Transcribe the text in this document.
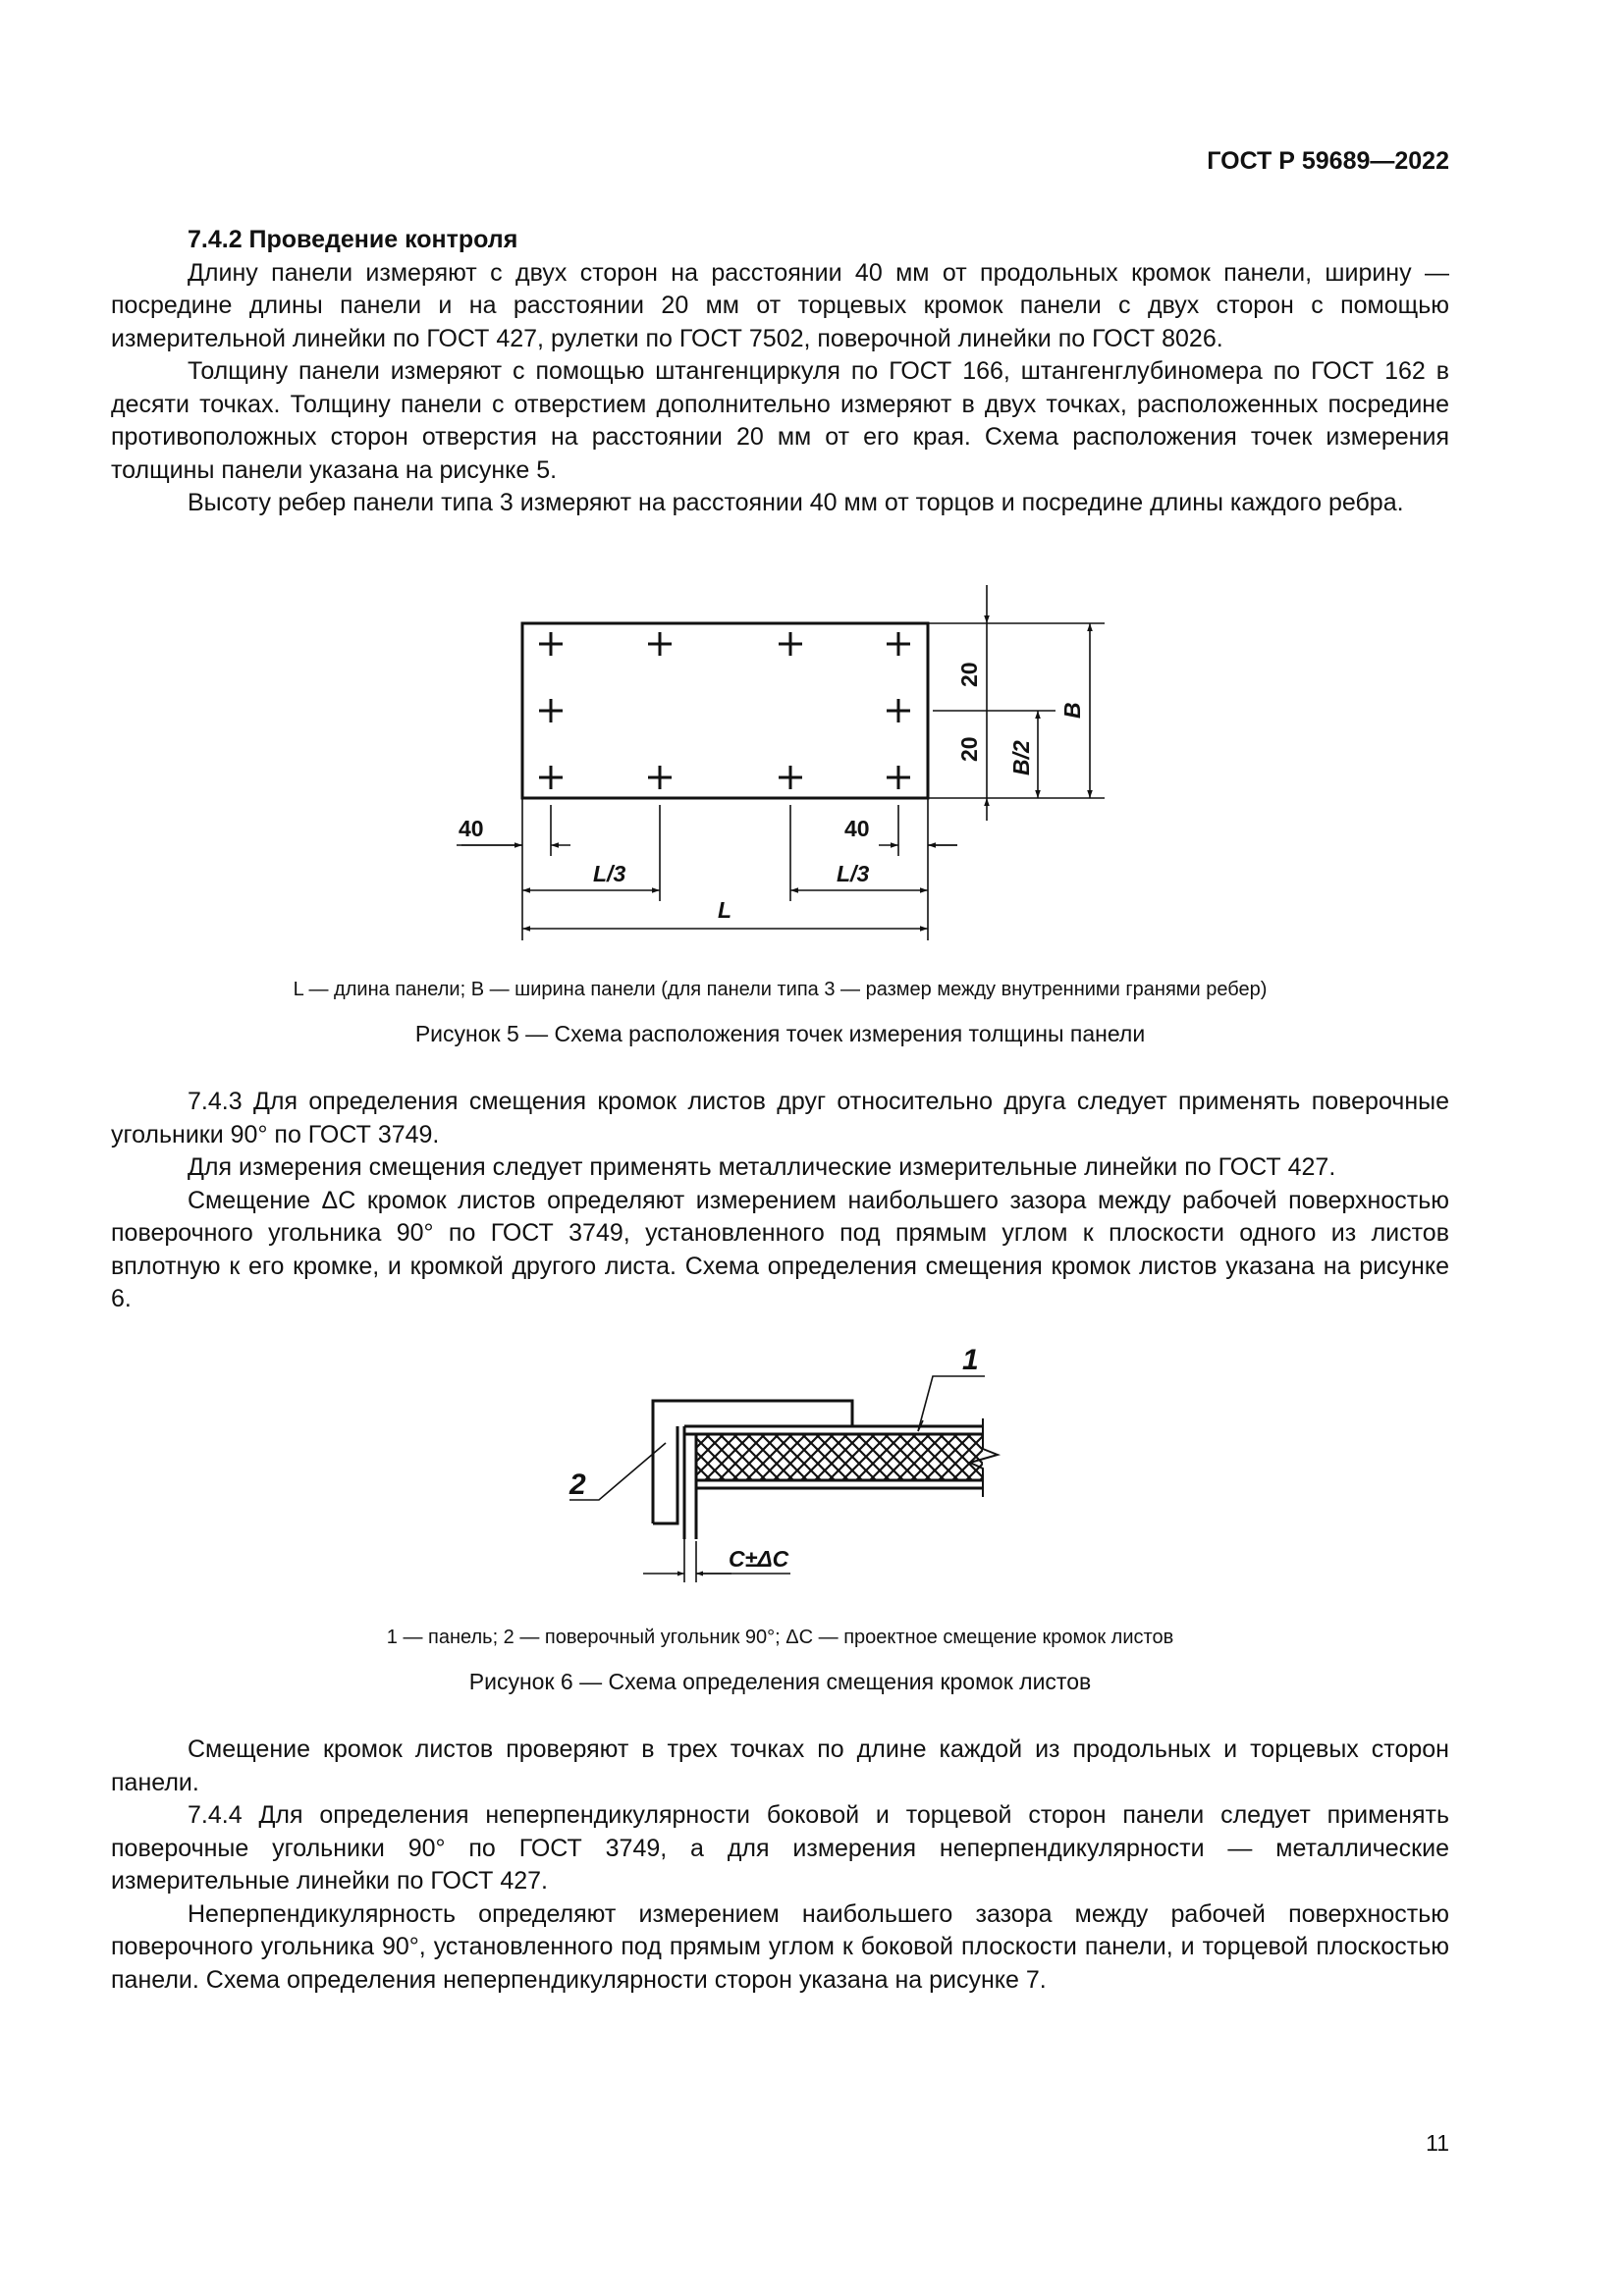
ГОСТ Р 59689—2022

7.4.2 Проведение контроля

Длину панели измеряют с двух сторон на расстоянии 40 мм от продольных кромок панели, ширину — посредине длины панели и на расстоянии 20 мм от торцевых кромок панели с двух сторон с помощью измерительной линейки по ГОСТ 427, рулетки по ГОСТ 7502, поверочной линейки по ГОСТ 8026.

Толщину панели измеряют с помощью штангенциркуля по ГОСТ 166, штангенглубиномера по ГОСТ 162 в десяти точках. Толщину панели с отверстием дополнительно измеряют в двух точках, расположенных посредине противоположных сторон отверстия на расстоянии 20 мм от его края. Схема расположения точек измерения толщины панели указана на рисунке 5.

Высоту ребер панели типа 3 измеряют на расстоянии 40 мм от торцов и посредине длины каждого ребра.

40	40
L/3	L/3
L
20
20 B/2
B

L — длина панели; B — ширина панели (для панели типа 3 — размер между внутренними гранями ребер)

Рисунок 5 — Схема расположения точек измерения толщины панели

7.4.3 Для определения смещения кромок листов друг относительно друга следует применять поверочные угольники 90° по ГОСТ 3749.

Для измерения смещения следует применять металлические измерительные линейки по ГОСТ 427.

Смещение ΔC кромок листов определяют измерением наибольшего зазора между рабочей поверхностью поверочного угольника 90° по ГОСТ 3749, установленного под прямым углом к плоскости одного из листов вплотную к его кромке, и кромкой другого листа. Схема определения смещения кромок листов указана на рисунке 6.

1
2
C±ΔC

1 — панель; 2 — поверочный угольник 90°; ΔC — проектное смещение кромок листов

Рисунок 6 — Схема определения смещения кромок листов

Смещение кромок листов проверяют в трех точках по длине каждой из продольных и торцевых сторон панели.

7.4.4 Для определения неперпендикулярности боковой и торцевой сторон панели следует применять поверочные угольники 90° по ГОСТ 3749, а для измерения неперпендикулярности — металлические измерительные линейки по ГОСТ 427.

Неперпендикулярность определяют измерением наибольшего зазора между рабочей поверхностью поверочного угольника 90°, установленного под прямым углом к боковой плоскости панели, и торцевой плоскостью панели. Схема определения неперпендикулярности сторон указана на рисунке 7.

11
